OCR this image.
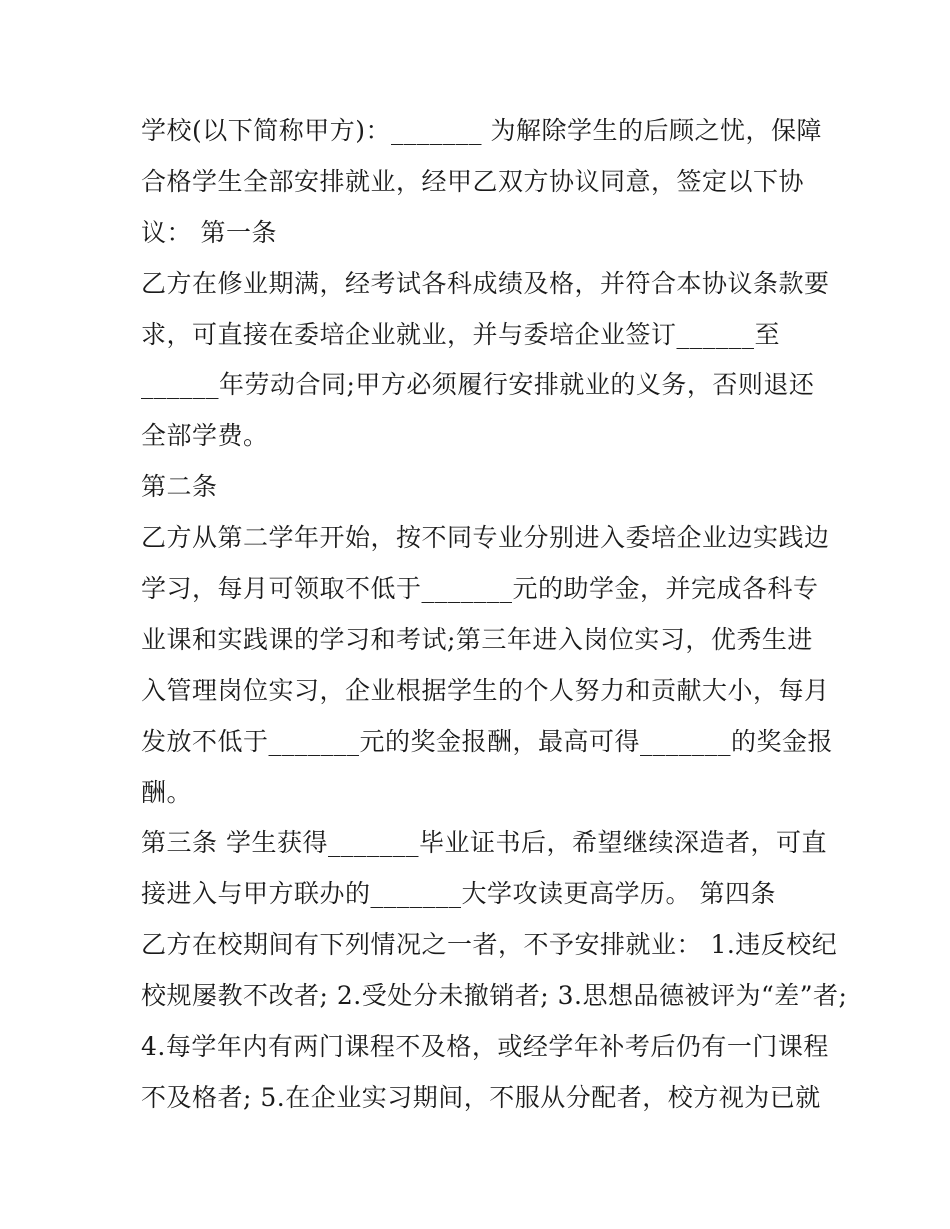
学校(以下简称甲方)：_______ 为解除学生的后顾之忧，保障
合格学生全部安排就业，经甲乙双方协议同意，签定以下协
议： 第一条
乙方在修业期满，经考试各科成绩及格，并符合本协议条款要
求，可直接在委培企业就业，并与委培企业签订______至
______年劳动合同;甲方必须履行安排就业的义务，否则退还
全部学费。
第二条
乙方从第二学年开始，按不同专业分别进入委培企业边实践边
学习，每月可领取不低于_______元的助学金，并完成各科专
业课和实践课的学习和考试;第三年进入岗位实习，优秀生进
入管理岗位实习，企业根据学生的个人努力和贡献大小，每月
发放不低于_______元的奖金报酬，最高可得_______的奖金报
酬。
第三条 学生获得_______毕业证书后，希望继续深造者，可直
接进入与甲方联办的_______大学攻读更高学历。 第四条
乙方在校期间有下列情况之一者，不予安排就业： 1.违反校纪
校规屡教不改者; 2.受处分未撤销者; 3.思想品德被评为“差”者;
4.每学年内有两门课程不及格，或经学年补考后仍有一门课程
不及格者; 5.在企业实习期间，不服从分配者，校方视为已就
